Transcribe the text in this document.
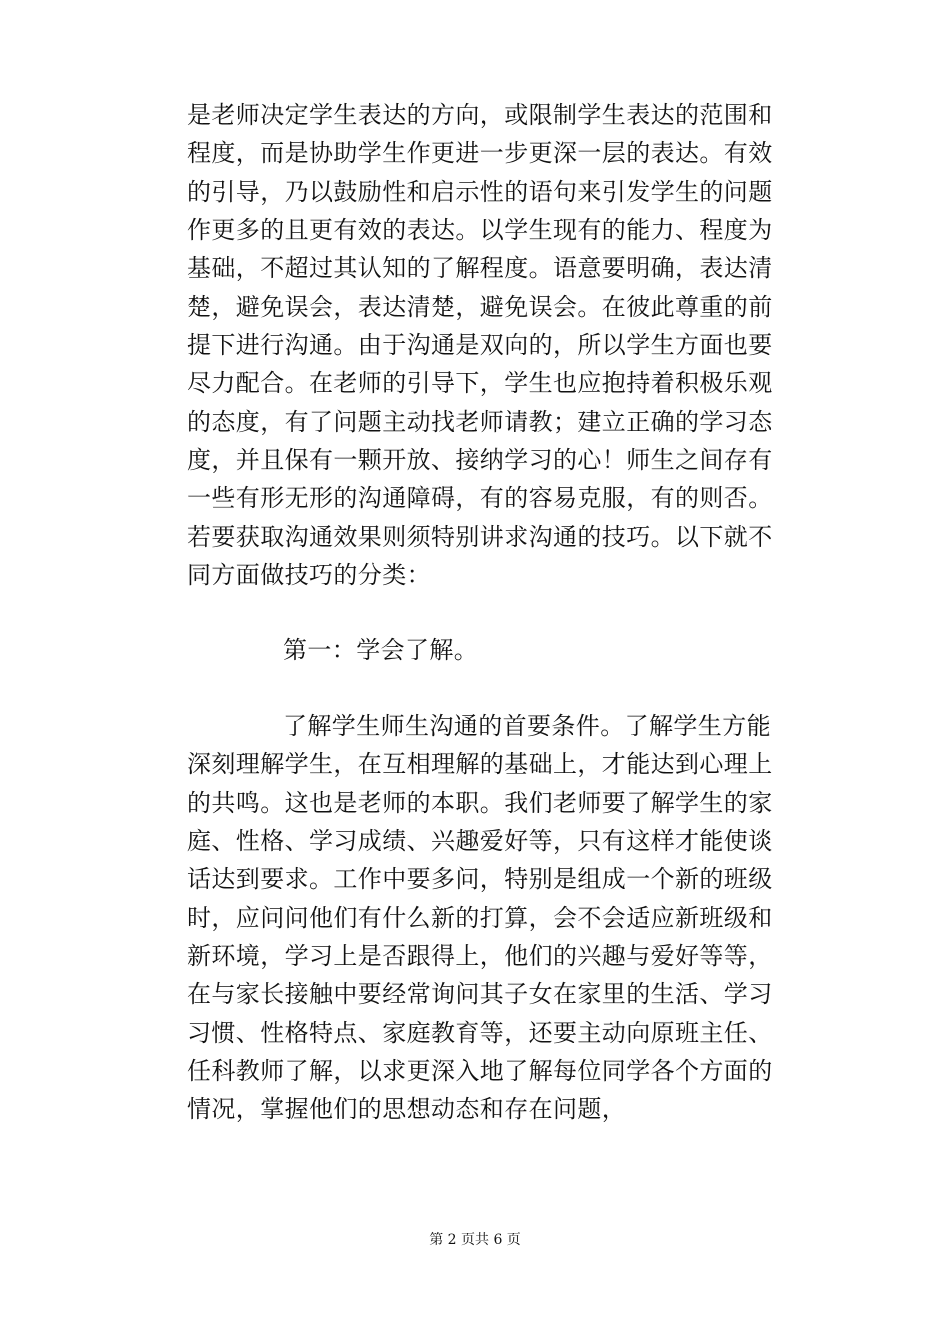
是老师决定学生表达的方向，或限制学生表达的范围和
程度，而是协助学生作更进一步更深一层的表达。有效
的引导，乃以鼓励性和启示性的语句来引发学生的问题
作更多的且更有效的表达。以学生现有的能力、程度为
基础，不超过其认知的了解程度。语意要明确，表达清
楚，避免误会，表达清楚，避免误会。在彼此尊重的前
提下进行沟通。由于沟通是双向的，所以学生方面也要
尽力配合。在老师的引导下，学生也应抱持着积极乐观
的态度，有了问题主动找老师请教；建立正确的学习态
度，并且保有一颗开放、接纳学习的心！师生之间存有
一些有形无形的沟通障碍，有的容易克服，有的则否。
若要获取沟通效果则须特别讲求沟通的技巧。以下就不
同方面做技巧的分类：
第一：学会了解。
了解学生师生沟通的首要条件。了解学生方能
深刻理解学生，在互相理解的基础上，才能达到心理上
的共鸣。这也是老师的本职。我们老师要了解学生的家
庭、性格、学习成绩、兴趣爱好等，只有这样才能使谈
话达到要求。工作中要多问，特别是组成一个新的班级
时，应问问他们有什么新的打算，会不会适应新班级和
新环境，学习上是否跟得上，他们的兴趣与爱好等等，
在与家长接触中要经常询问其子女在家里的生活、学习
习惯、性格特点、家庭教育等，还要主动向原班主任、
任科教师了解，以求更深入地了解每位同学各个方面的
情况，掌握他们的思想动态和存在问题，
第 2 页共 6 页
